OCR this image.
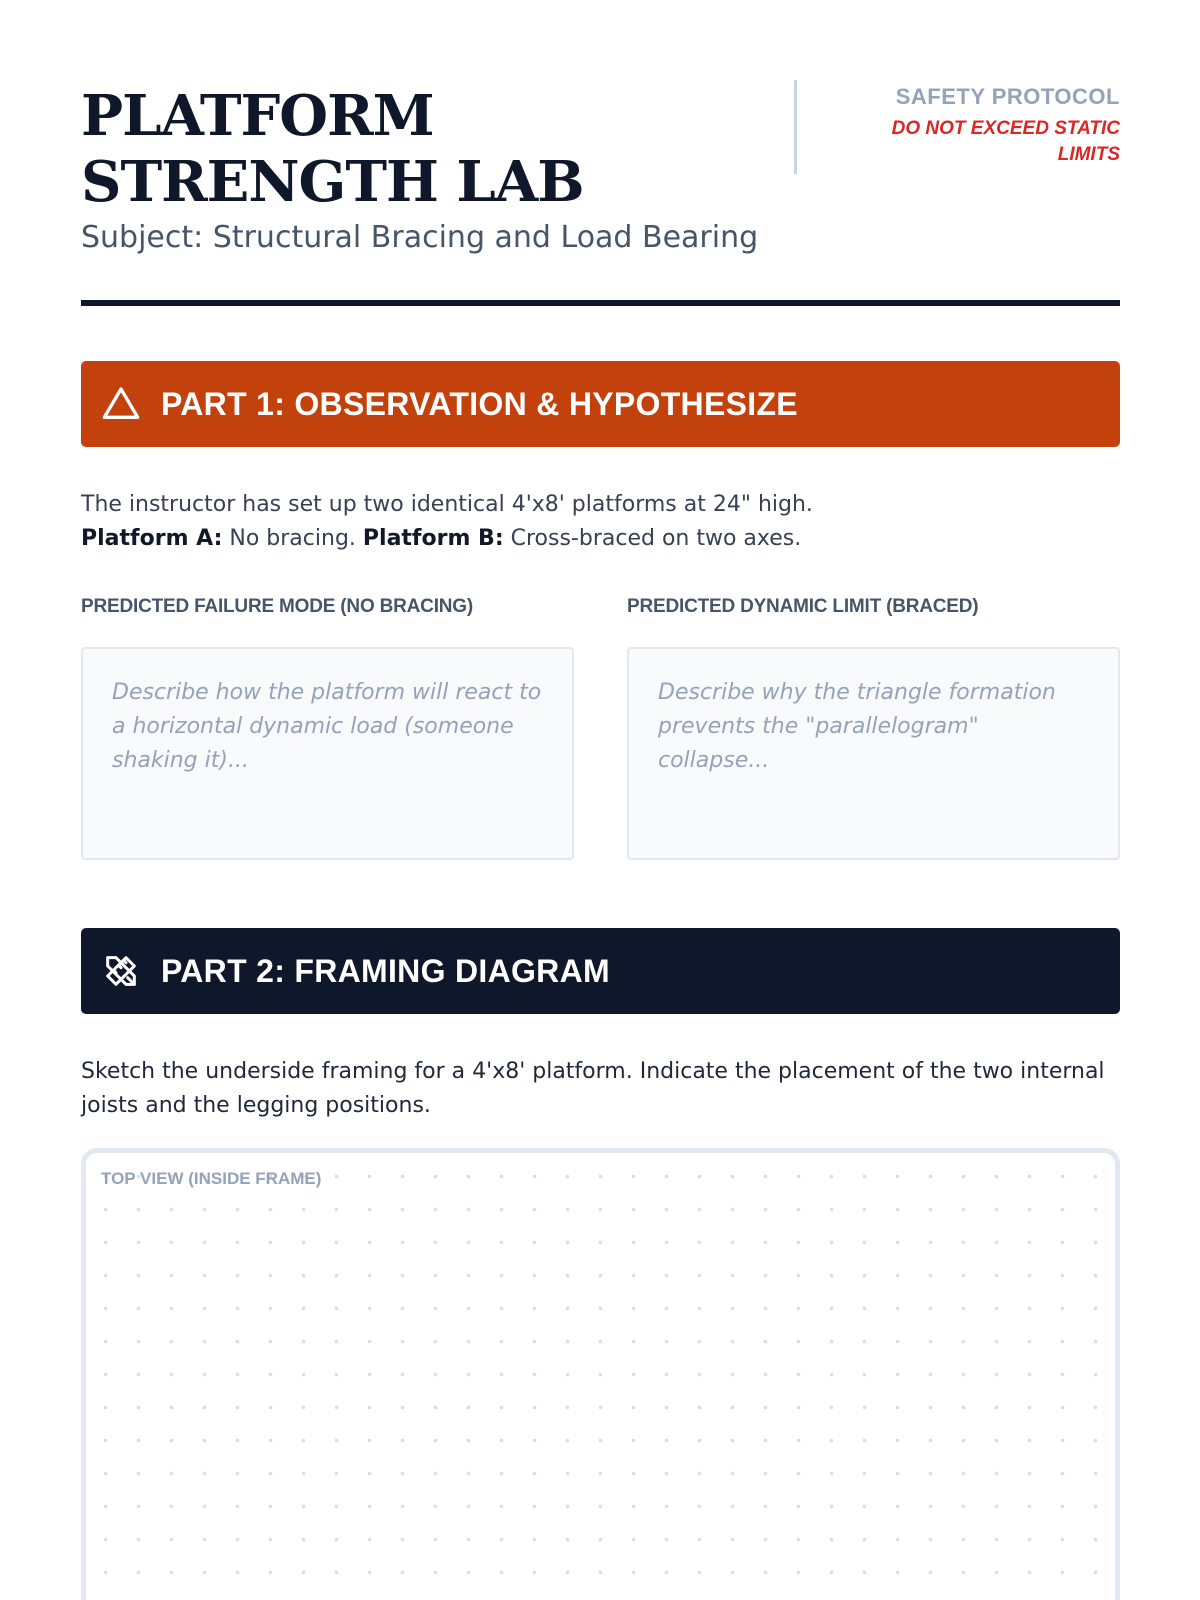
PLATFORM STRENGTH LAB
Subject: Structural Bracing and Load Bearing
SAFETY PROTOCOL
DO NOT EXCEED STATIC LIMITS
PART 1: OBSERVATION & HYPOTHESIZE
The instructor has set up two identical 4'x8' platforms at 24" high.
Platform A: No bracing. Platform B: Cross-braced on two axes.
PREDICTED FAILURE MODE (NO BRACING)	PREDICTED DYNAMIC LIMIT (BRACED)
Describe how the platform will react to a horizontal dynamic load (someone shaking it)...
Describe why the triangle formation prevents the "parallelogram" collapse...
PART 2: FRAMING DIAGRAM
Sketch the underside framing for a 4'x8' platform. Indicate the placement of the two internal joists and the legging positions.
TOP VIEW (INSIDE FRAME)
